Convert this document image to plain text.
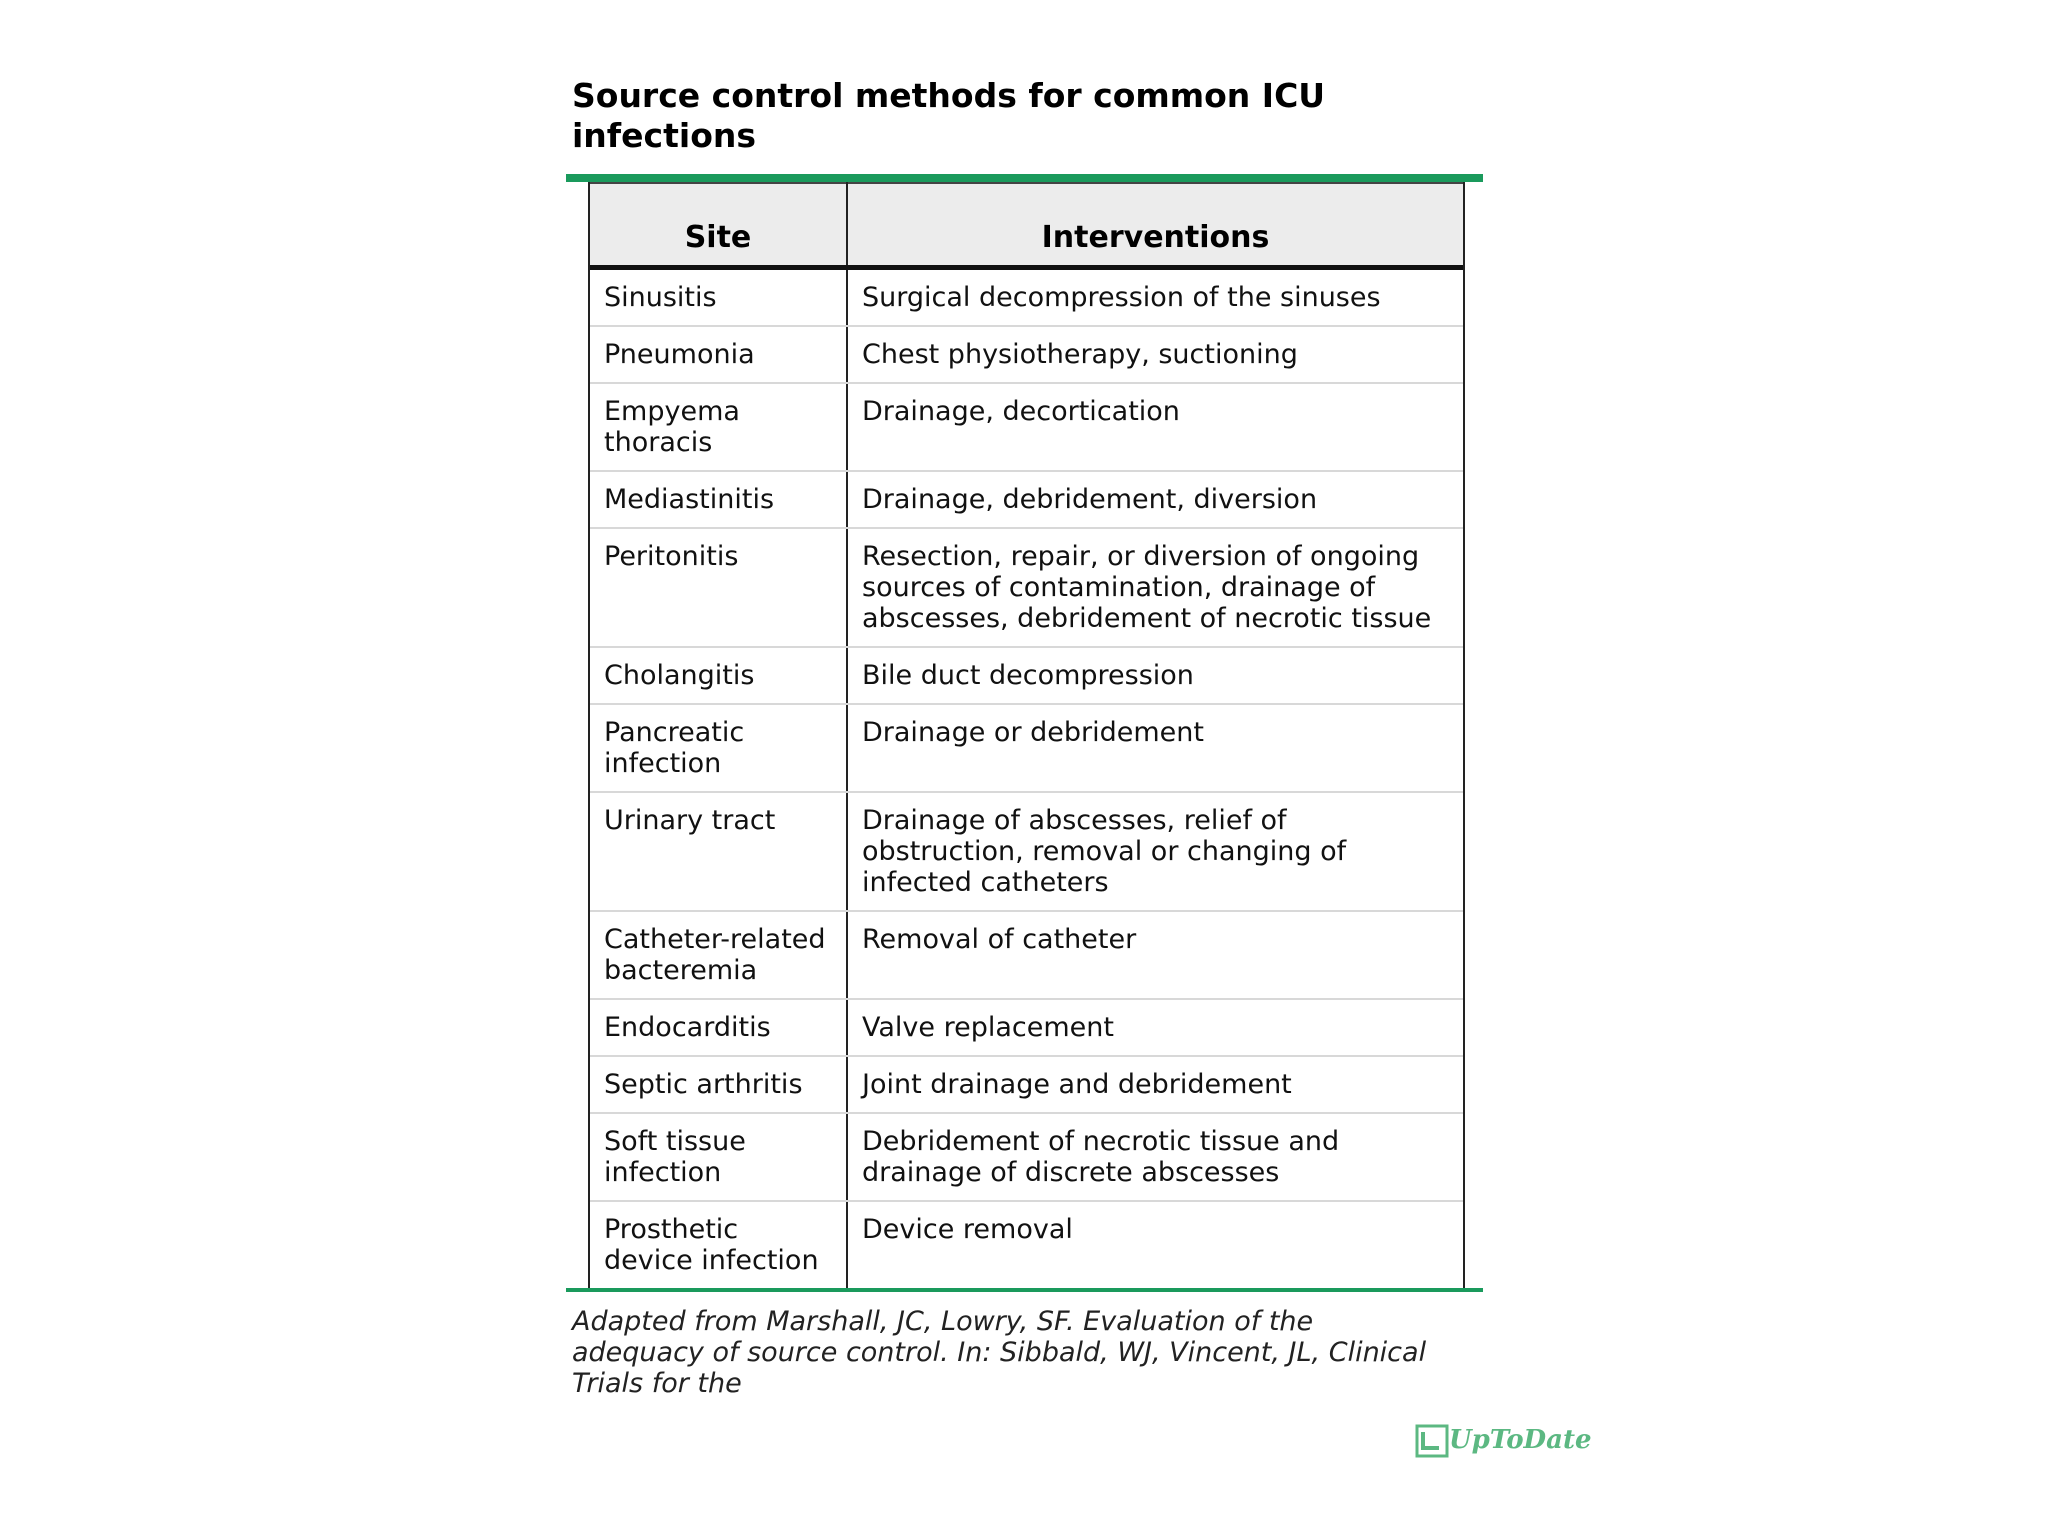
Source control methods for common ICU infections
Site	Interventions
Sinusitis	Surgical decompression of the sinuses
Pneumonia	Chest physiotherapy, suctioning
Empyema thoracis	Drainage, decortication
Mediastinitis	Drainage, debridement, diversion
Peritonitis	Resection, repair, or diversion of ongoing sources of contamination, drainage of abscesses, debridement of necrotic tissue
Cholangitis	Bile duct decompression
Pancreatic infection	Drainage or debridement
Urinary tract	Drainage of abscesses, relief of obstruction, removal or changing of infected catheters
Catheter-related bacteremia	Removal of catheter
Endocarditis	Valve replacement
Septic arthritis	Joint drainage and debridement
Soft tissue infection	Debridement of necrotic tissue and drainage of discrete abscesses
Prosthetic device infection	Device removal
Adapted from Marshall, JC, Lowry, SF. Evaluation of the adequacy of source control. In: Sibbald, WJ, Vincent, JL, Clinical Trials for the
UpToDate
